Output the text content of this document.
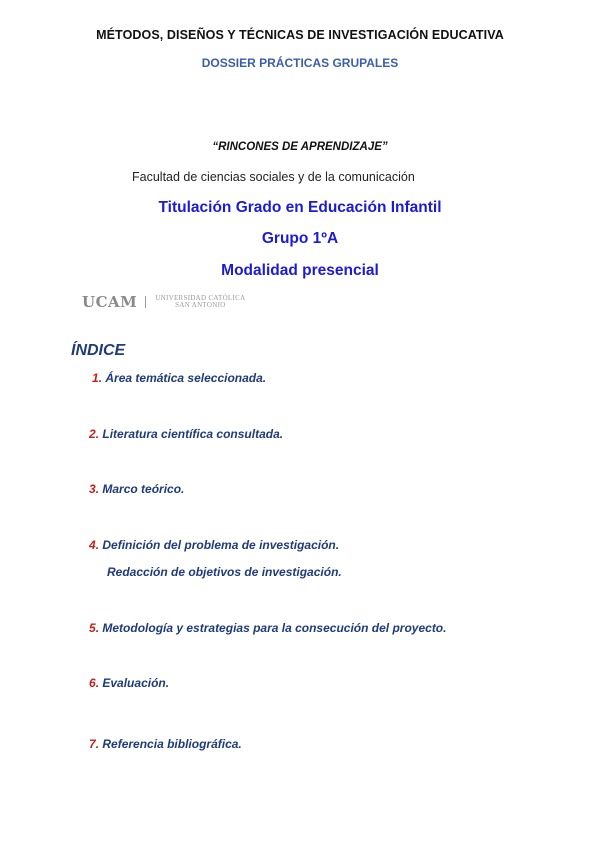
MÉTODOS, DISEÑOS Y TÉCNICAS DE INVESTIGACIÓN EDUCATIVA
DOSSIER PRÁCTICAS GRUPALES
“RINCONES DE APRENDIZAJE”
Facultad de ciencias sociales y de la comunicación
Titulación Grado en Educación Infantil
Grupo 1ºA
Modalidad presencial
UCAM	UNIVERSIDAD CATÓLICA
SAN ANTONIO
ÍNDICE
1. Área temática seleccionada.
2. Literatura científica consultada.
3. Marco teórico.
4. Definición del problema de investigación.
Redacción de objetivos de investigación.
5. Metodología y estrategias para la consecución del proyecto.
6. Evaluación.
7. Referencia bibliográfica.
